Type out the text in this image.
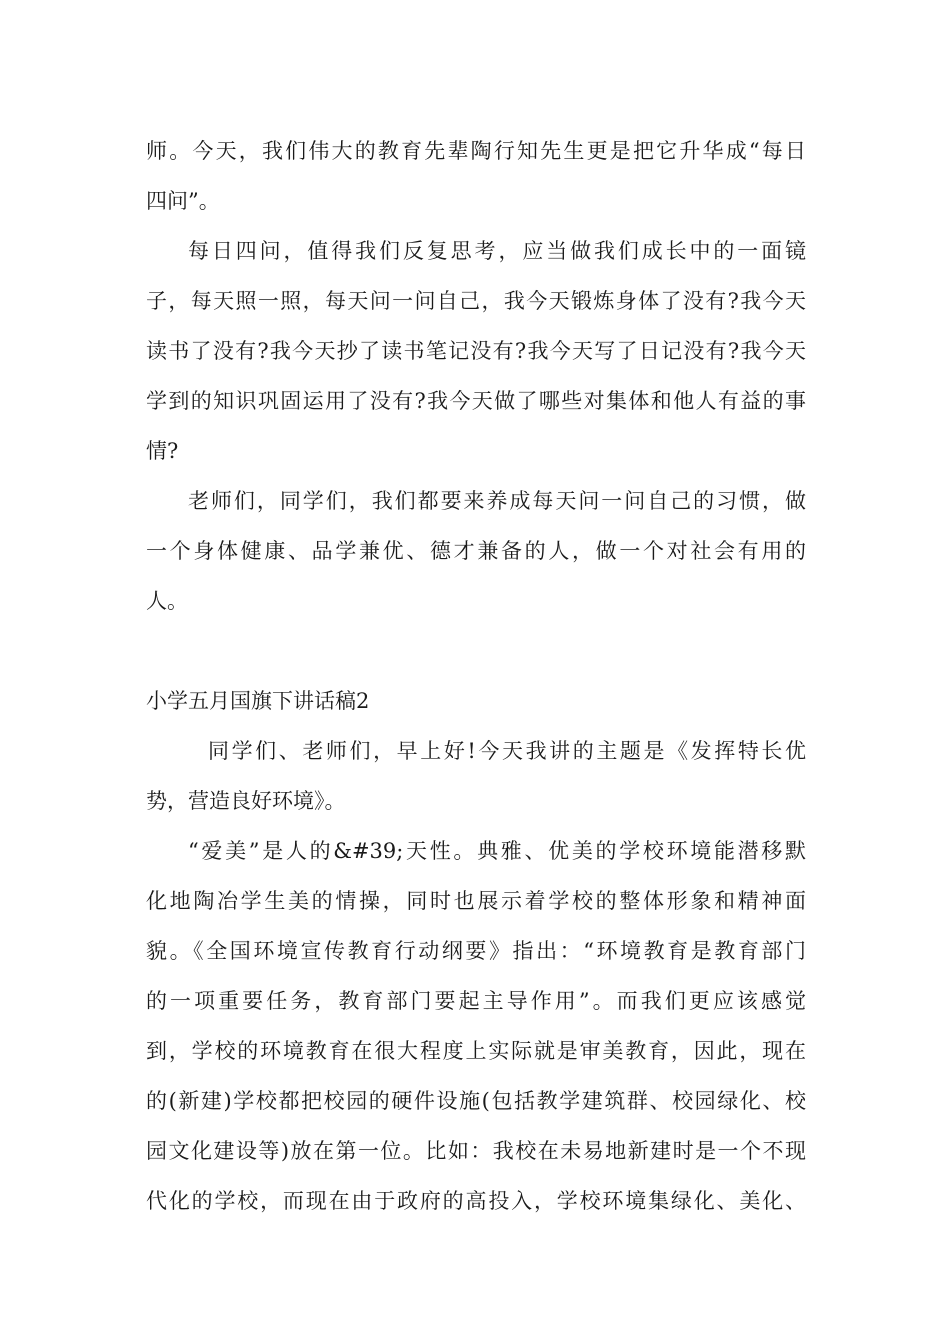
师。今天，我们伟大的教育先辈陶行知先生更是把它升华成“每日
四问”。
每日四问，值得我们反复思考，应当做我们成长中的一面镜
子，每天照一照，每天问一问自己，我今天锻炼身体了没有?我今天
读书了没有?我今天抄了读书笔记没有?我今天写了日记没有?我今天
学到的知识巩固运用了没有?我今天做了哪些对集体和他人有益的事
情?
老师们，同学们，我们都要来养成每天问一问自己的习惯，做
一个身体健康、品学兼优、德才兼备的人，做一个对社会有用的
人。
小学五月国旗下讲话稿2
同学们、老师们，早上好!今天我讲的主题是《发挥特长优
势，营造良好环境》。
“爱美”是人的&#39;天性。典雅、优美的学校环境能潜移默
化地陶冶学生美的情操，同时也展示着学校的整体形象和精神面
貌。《全国环境宣传教育行动纲要》指出：“环境教育是教育部门
的一项重要任务，教育部门要起主导作用”。而我们更应该感觉
到，学校的环境教育在很大程度上实际就是审美教育，因此，现在
的(新建)学校都把校园的硬件设施(包括教学建筑群、校园绿化、校
园文化建设等)放在第一位。比如：我校在未易地新建时是一个不现
代化的学校，而现在由于政府的高投入，学校环境集绿化、美化、
